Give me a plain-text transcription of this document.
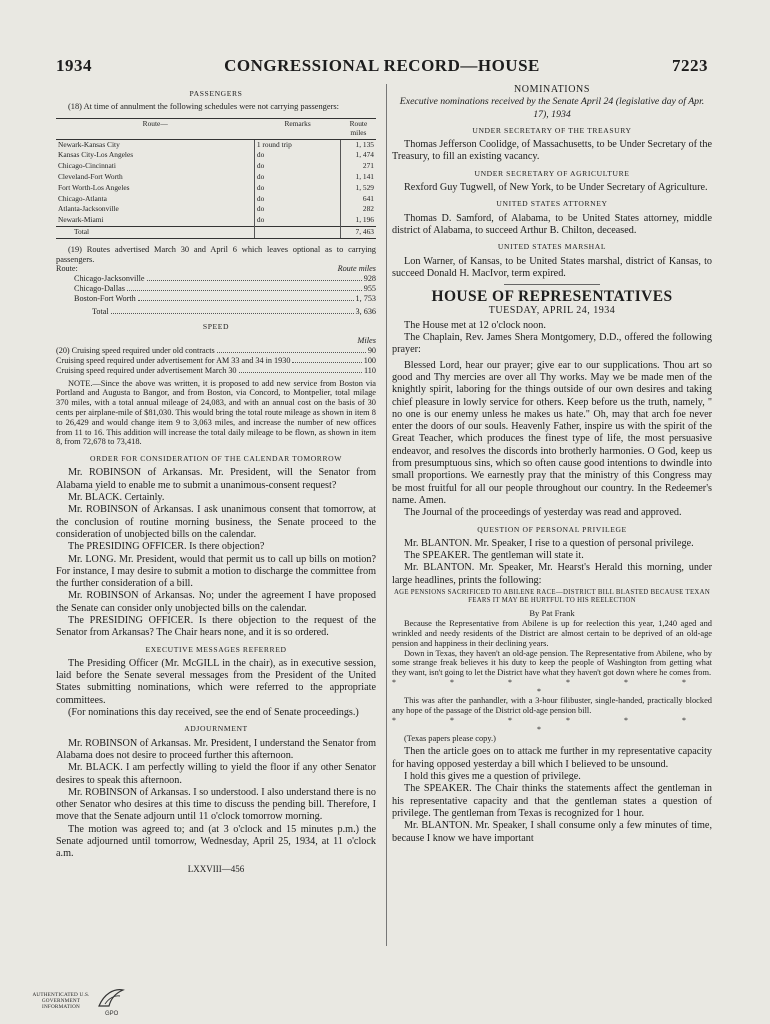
1934	CONGRESSIONAL RECORD—HOUSE	7223
PASSENGERS

(18) At time of annulment the following schedules were not carrying passengers:

Route—	Remarks	Route miles
Newark-Kansas City	1 round trip	1, 135
Kansas City-Los Angeles	do	1, 474
Chicago-Cincinnati	do	271
Cleveland-Fort Worth	do	1, 141
Fort Worth-Los Angeles	do	1, 529
Chicago-Atlanta	do	641
Atlanta-Jacksonville	do	282
Newark-Miami	do	1, 196
Total		7, 463

(19) Routes advertised March 30 and April 6 which leaves optional as to carrying passengers.

Route:	Route miles
Chicago-Jacksonville	928
Chicago-Dallas	955
Boston-Fort Worth	1, 753
Total	3, 636
SPEED
Miles
(20) Cruising speed required under old contracts	90
Cruising speed required under advertisement for AM 33 and 34 in 1930	100
Cruising speed required under advertisement March 30	110

NOTE.—Since the above was written, it is proposed to add new service from Boston via Portland and Augusta to Bangor, and from Boston, via Concord, to Montpelier, total milage 370 miles, with a total annual mileage of 24,083, and with an annual cost on the basis of 30 cents per airplane-mile of $81,030. This would bring the total route mileage as shown in item 8 to 26,429 and would change item 9 to 3,063 miles, and increase the number of new offices from 11 to 16. This addition will increase the total daily mileage to be flown, as shown in item 8, from 72,678 to 73,418.

ORDER FOR CONSIDERATION OF THE CALENDAR TOMORROW

Mr. ROBINSON of Arkansas. Mr. President, will the Senator from Alabama yield to enable me to submit a unanimous-consent request?

Mr. BLACK. Certainly.

Mr. ROBINSON of Arkansas. I ask unanimous consent that tomorrow, at the conclusion of routine morning business, the Senate proceed to the consideration of unobjected bills on the calendar.

The PRESIDING OFFICER. Is there objection?

Mr. LONG. Mr. President, would that permit us to call up bills on motion? For instance, I may desire to submit a motion to discharge the committee from the further consideration of a bill.

Mr. ROBINSON of Arkansas. No; under the agreement I have proposed the Senate can consider only unobjected bills on the calendar.

The PRESIDING OFFICER. Is there objection to the request of the Senator from Arkansas? The Chair hears none, and it is so ordered.

EXECUTIVE MESSAGES REFERRED

The Presiding Officer (Mr. McGILL in the chair), as in executive session, laid before the Senate several messages from the President of the United States submitting nominations, which were referred to the appropriate committees.

(For nominations this day received, see the end of Senate proceedings.)

ADJOURNMENT

Mr. ROBINSON of Arkansas. Mr. President, I understand the Senator from Alabama does not desire to proceed further this afternoon.

Mr. BLACK. I am perfectly willing to yield the floor if any other Senator desires to speak this afternoon.

Mr. ROBINSON of Arkansas. I so understood. I also understand there is no other Senator who desires at this time to discuss the pending bill. Therefore, I move that the Senate adjourn until 11 o'clock tomorrow morning.

The motion was agreed to; and (at 3 o'clock and 15 minutes p.m.) the Senate adjourned until tomorrow, Wednesday, April 25, 1934, at 11 o'clock a.m.

LXXVIII—456
NOMINATIONS

Executive nominations received by the Senate April 24 (legislative day of Apr. 17), 1934

UNDER SECRETARY OF THE TREASURY

Thomas Jefferson Coolidge, of Massachusetts, to be Under Secretary of the Treasury, to fill an existing vacancy.

UNDER SECRETARY OF AGRICULTURE

Rexford Guy Tugwell, of New York, to be Under Secretary of Agriculture.

UNITED STATES ATTORNEY

Thomas D. Samford, of Alabama, to be United States attorney, middle district of Alabama, to succeed Arthur B. Chilton, deceased.

UNITED STATES MARSHAL

Lon Warner, of Kansas, to be United States marshal, district of Kansas, to succeed Donald H. MacIvor, term expired.

HOUSE OF REPRESENTATIVES
TUESDAY, APRIL 24, 1934

The House met at 12 o'clock noon.

The Chaplain, Rev. James Shera Montgomery, D.D., offered the following prayer:

Blessed Lord, hear our prayer; give ear to our supplications. Thou art so good and Thy mercies are over all Thy works. May we be made men of the knightly spirit, laboring for the things outside of our own desires and taking chief pleasure in lowly service for others. Keep before us the truth, namely, " no one is our enemy unless he makes us hate." Oh, may that arch foe never enter the doors of our souls. Heavenly Father, inspire us with the spirit of the Great Teacher, which produces the finest type of life, the most persuasive endeavor, and resolves the discords into brotherly harmonies. O God, keep us from presumptuous sins, which so often cause good intentions to dwindle into small proportions. We earnestly pray that the ministry of this Congress may be most fruitful for all our people throughout our country. In the Redeemer's name. Amen.

The Journal of the proceedings of yesterday was read and approved.

QUESTION OF PERSONAL PRIVILEGE

Mr. BLANTON. Mr. Speaker, I rise to a question of personal privilege.

The SPEAKER. The gentleman will state it.

Mr. BLANTON. Mr. Speaker, Mr. Hearst's Herald this morning, under large headlines, prints the following:

AGE PENSIONS SACRIFICED TO ABILENE RACE—DISTRICT BILL BLASTED BECAUSE TEXAN FEARS IT MAY BE HURTFUL TO HIS REELECTION

By Pat Frank

Because the Representative from Abilene is up for reelection this year, 1,240 aged and wrinkled and needy residents of the District are almost certain to be deprived of an old-age pension and happiness in their declining years.

Down in Texas, they haven't an old-age pension. The Representative from Abilene, who by some strange freak believes it his duty to keep the people of Washington from getting what they want, isn't going to let the District have what they haven't got down where he comes from.

* * * * * * *

This was after the panhandler, with a 3-hour filibuster, single-handed, practically blocked any hope of the passage of the District old-age pension bill.

* * * * * * *

(Texas papers please copy.)

Then the article goes on to attack me further in my representative capacity for having opposed yesterday a bill which I believed to be unsound.

I hold this gives me a question of privilege.

The SPEAKER. The Chair thinks the statements affect the gentleman in his representative capacity and that the gentleman states a question of privilege. The gentleman from Texas is recognized for 1 hour.

Mr. BLANTON. Mr. Speaker, I shall consume only a few minutes of time, because I know we have important

AUTHENTICATED U.S. GOVERNMENT INFORMATION
GPO
